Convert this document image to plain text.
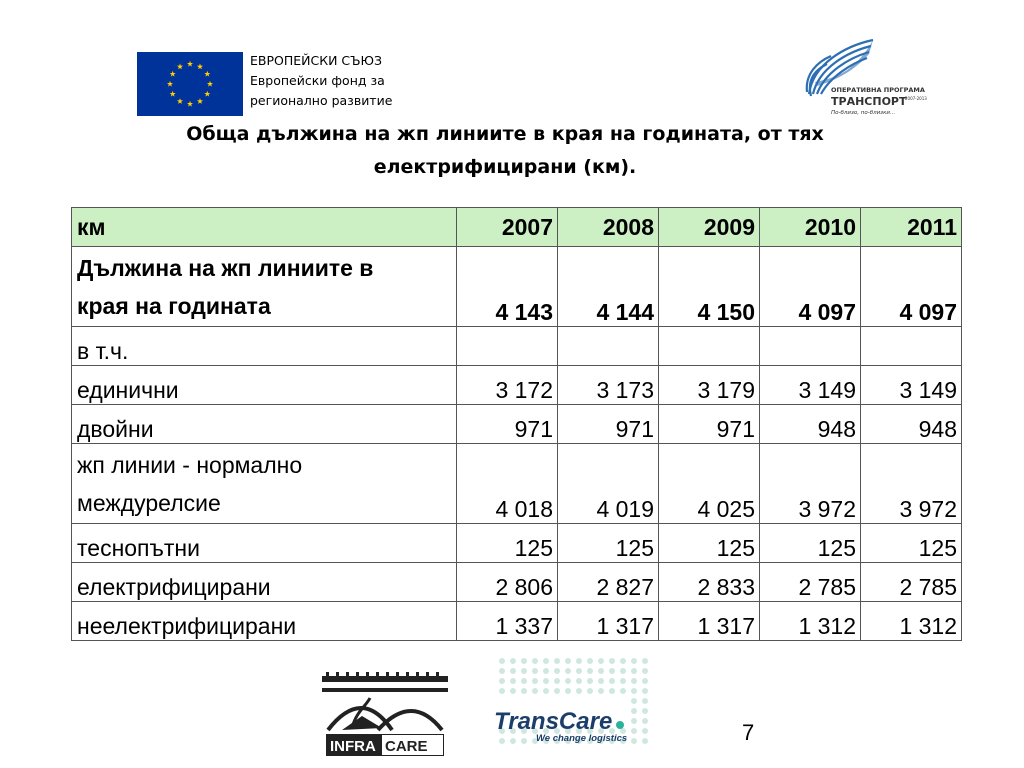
ЕВРОПЕЙСКИ СЪЮЗ
Европейски фонд за
регионално развитие
ОПЕРАТИВНА ПРОГРАМА
ТРАНСПОРТ
2007-2013
По-близо, по-близки...
Обща дължина на жп линиите в края на годината, от тях
електрифицирани (км).
км	2007	2008	2009	2010	2011

Дължина на жп линиите в
края на годината	4 143	4 144	4 150	4 097	4 097
в т.ч.					
единични	3 172	3 173	3 179	3 149	3 149
двойни	971	971	971	948	948

жп линии - нормално
междурелсие	4 018	4 019	4 025	3 972	3 972
теснопътни	125	125	125	125	125
електрифицирани	2 806	2 827	2 833	2 785	2 785
неелектрифицирани	1 337	1 317	1 317	1 312	1 312
INFRA CARE
TransCare
We change logistics	7
